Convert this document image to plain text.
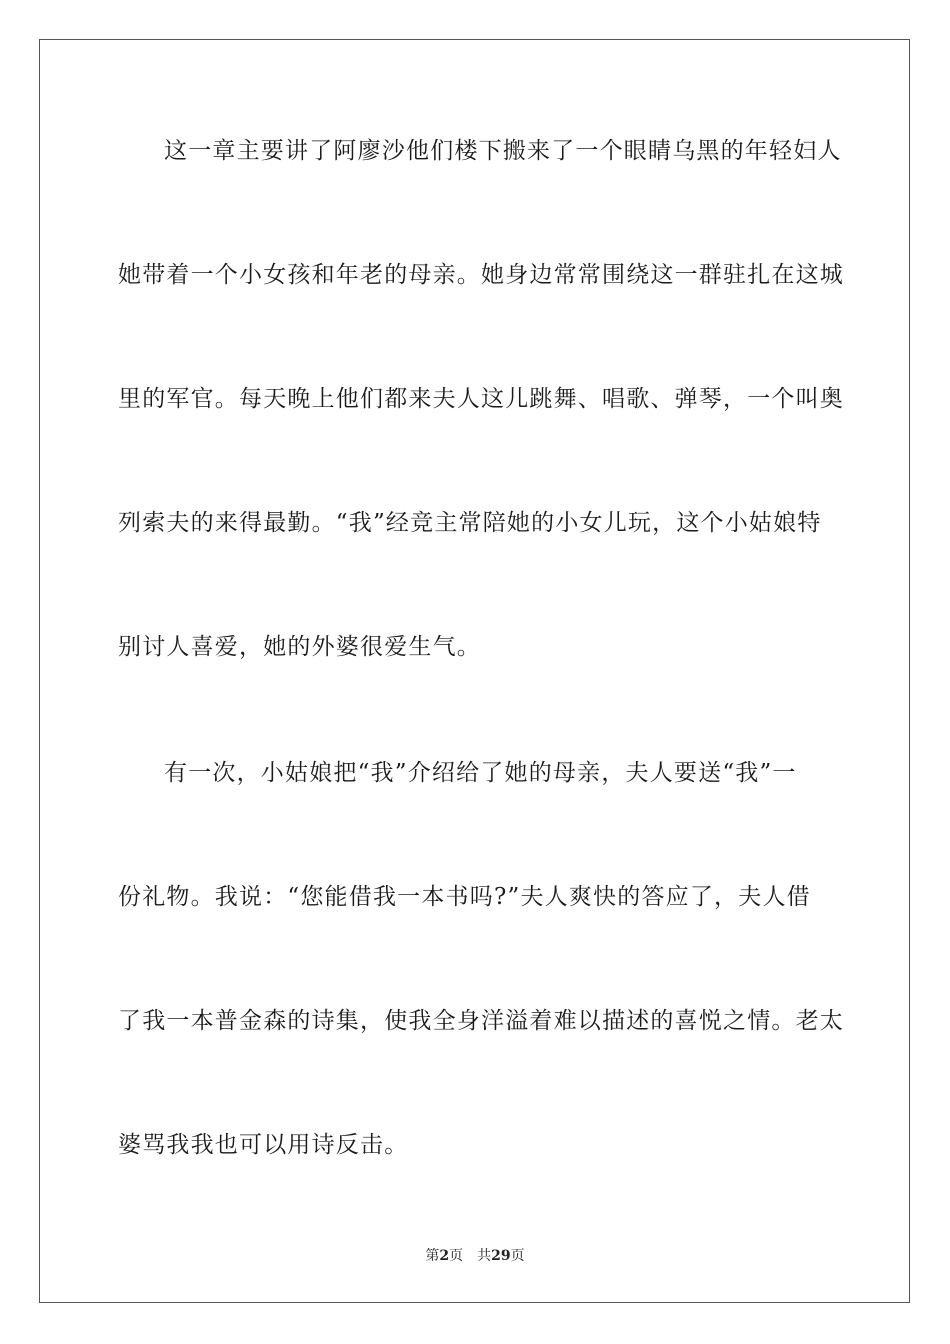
这一章主要讲了阿廖沙他们楼下搬来了一个眼睛乌黑的年轻妇人
她带着一个小女孩和年老的母亲。她身边常常围绕这一群驻扎在这城
里的军官。每天晚上他们都来夫人这儿跳舞、唱歌、弹琴，一个叫奥
列索夫的来得最勤。“我”经竞主常陪她的小女儿玩，这个小姑娘特
别讨人喜爱，她的外婆很爱生气。
有一次，小姑娘把“我”介绍给了她的母亲，夫人要送“我”一
份礼物。我说：“您能借我一本书吗?”夫人爽快的答应了，夫人借
了我一本普金森的诗集，使我全身洋溢着难以描述的喜悦之情。老太
婆骂我我也可以用诗反击。
第2页 共29页
